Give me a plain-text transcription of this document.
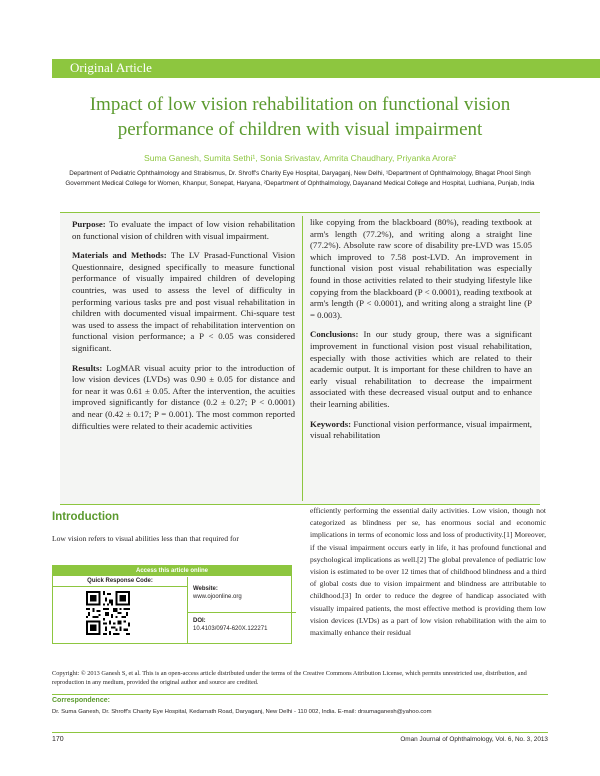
Original Article
Impact of low vision rehabilitation on functional vision performance of children with visual impairment
Suma Ganesh, Sumita Sethi¹, Sonia Srivastav, Amrita Chaudhary, Priyanka Arora²
Department of Pediatric Ophthalmology and Strabismus, Dr. Shroff's Charity Eye Hospital, Daryaganj, New Delhi, ¹Department of Ophthalmology, Bhagat Phool Singh Government Medical College for Women, Khanpur, Sonepat, Haryana, ²Department of Ophthalmology, Dayanand Medical College and Hospital, Ludhiana, Punjab, India

Purpose: To evaluate the impact of low vision rehabilitation on functional vision of children with visual impairment.

Materials and Methods: The LV Prasad-Functional Vision Questionnaire, designed specifically to measure functional performance of visually impaired children of developing countries, was used to assess the level of difficulty in performing various tasks pre and post visual rehabilitation in children with documented visual impairment. Chi-square test was used to assess the impact of rehabilitation intervention on functional vision performance; a P < 0.05 was considered significant.

Results: LogMAR visual acuity prior to the introduction of low vision devices (LVDs) was 0.90 ± 0.05 for distance and for near it was 0.61 ± 0.05. After the intervention, the acuities improved significantly for distance (0.2 ± 0.27; P < 0.0001) and near (0.42 ± 0.17; P = 0.001). The most common reported difficulties were related to their academic activities

like copying from the blackboard (80%), reading textbook at arm's length (77.2%), and writing along a straight line (77.2%). Absolute raw score of disability pre-LVD was 15.05 which improved to 7.58 post-LVD. An improvement in functional vision post visual rehabilitation was especially found in those activities related to their studying lifestyle like copying from the blackboard (P < 0.0001), reading textbook at arm's length (P < 0.0001), and writing along a straight line (P = 0.003).

Conclusions: In our study group, there was a significant improvement in functional vision post visual rehabilitation, especially with those activities which are related to their academic output. It is important for these children to have an early visual rehabilitation to decrease the impairment associated with these decreased visual output and to enhance their learning abilities.

Keywords: Functional vision performance, visual impairment, visual rehabilitation

Introduction
Low vision refers to visual abilities less than that required for
Access this article online
Quick Response Code:
Website:
www.ojoonline.org
DOI:
10.4103/0974-620X.122271
efficiently performing the essential daily activities. Low vision, though not categorized as blindness per se, has enormous social and economic implications in terms of economic loss and loss of productivity.[1] Moreover, if the visual impairment occurs early in life, it has profound functional and psychological implications as well.[2] The global prevalence of pediatric low vision is estimated to be over 12 times that of childhood blindness and a third of global costs due to vision impairment and blindness are attributable to childhood.[3] In order to reduce the degree of handicap associated with visually impaired patients, the most effective method is providing them low vision devices (LVDs) as a part of low vision rehabilitation with the aim to maximally enhance their residual
Copyright: © 2013 Ganesh S, et al. This is an open-access article distributed under the terms of the Creative Commons Attribution License, which permits unrestricted use, distribution, and reproduction in any medium, provided the original author and source are credited.
Correspondence:
Dr. Suma Ganesh, Dr. Shroff's Charity Eye Hospital, Kedarnath Road, Daryaganj, New Delhi - 110 002, India. E-mail: drsumaganesh@yahoo.com
170	Oman Journal of Ophthalmology, Vol. 6, No. 3, 2013
